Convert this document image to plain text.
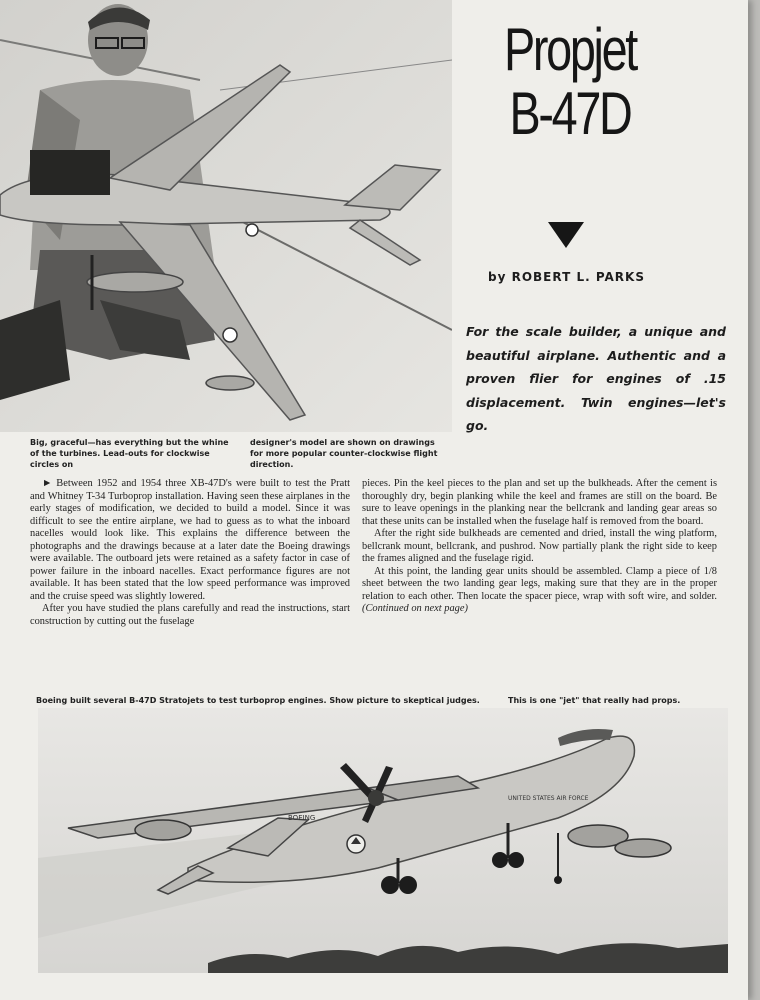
Big, graceful—has everything but the whine of the turbines. Lead-outs for clockwise circles on
designer's model are shown on drawings for more popular counter-clockwise flight direction.
Propjet
B-47D
by ROBERT L. PARKS
For the scale builder, a unique and beautiful airplane. Authentic and a proven flier for engines of .15 displacement. Twin engines—let's go.

► Between 1952 and 1954 three XB-47D's were built to test the Pratt and Whitney T-34 Turboprop installation. Having seen these airplanes in the early stages of modification, we decided to build a model. Since it was difficult to see the entire airplane, we had to guess as to what the inboard nacelles would look like. This explains the difference between the photographs and the drawings because at a later date the Boeing drawings were available. The outboard jets were retained as a safety factor in case of power failure in the inboard nacelles. Exact performance figures are not available. It has been stated that the low speed performance was improved and the cruise speed was slightly lowered.

After you have studied the plans carefully and read the instructions, start construction by cutting out the fuselage

pieces. Pin the keel pieces to the plan and set up the bulkheads. After the cement is thoroughly dry, begin planking while the keel and frames are still on the board. Be sure to leave openings in the planking near the bellcrank and landing gear areas so that these units can be installed when the fuselage half is removed from the board.

After the right side bulkheads are cemented and dried, install the wing platform, bellcrank mount, bellcrank, and pushrod. Now partially plank the right side to keep the frames aligned and the fuselage rigid.

At this point, the landing gear units should be assembled. Clamp a piece of 1/8 sheet between the two landing gear legs, making sure that they are in the proper relation to each other. Then locate the spacer piece, wrap with soft wire, and solder. (Continued on next page)

Boeing built several B-47D Stratojets to test turboprop engines. Show picture to skeptical judges.	This is one "jet" that really had props.
BOEING
UNITED STATES AIR FORCE
